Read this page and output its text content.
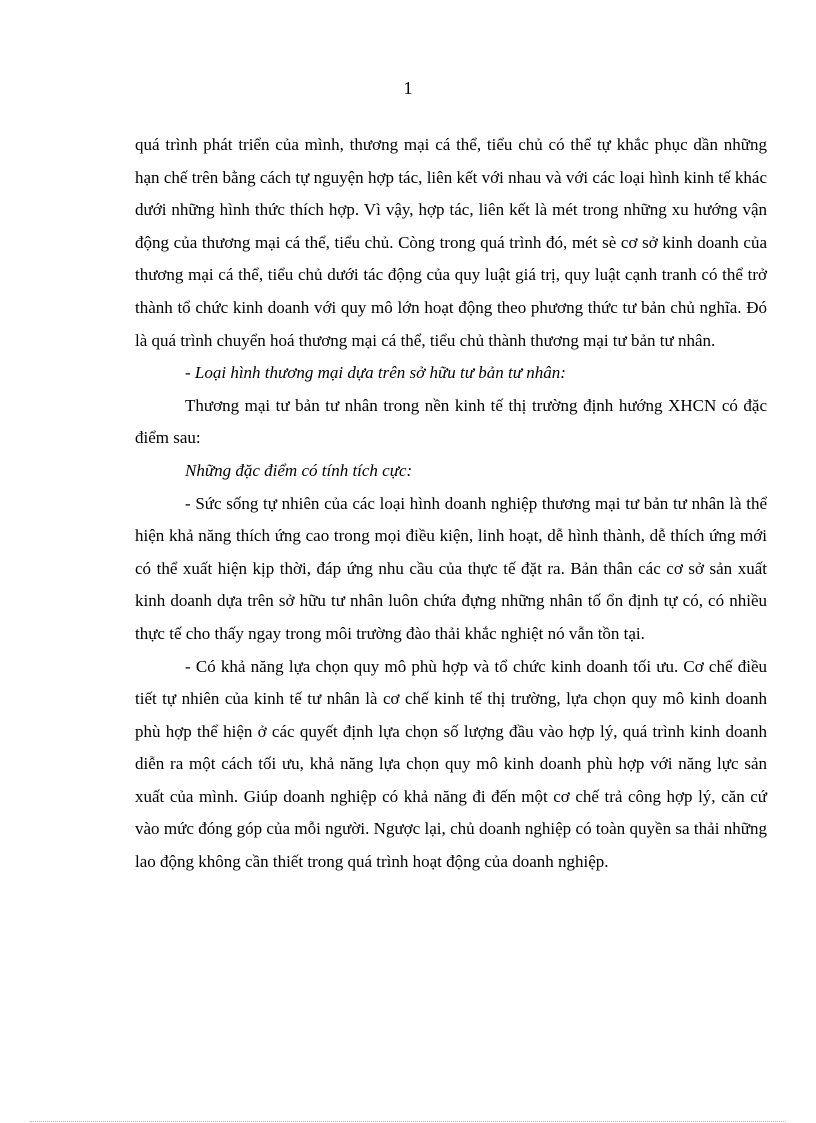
1

quá trình phát triển của mình, thương mại cá thể, tiểu chủ có thể tự khắc phục dần những hạn chế trên bằng cách tự nguyện hợp tác, liên kết với nhau và với các loại hình kinh tế khác dưới những hình thức thích hợp. Vì vậy, hợp tác, liên kết là mét trong những xu hướng vận động của thương mại cá thể, tiểu chủ. Còng trong quá trình đó, mét sè cơ sở kinh doanh của thương mại cá thể, tiểu chủ dưới tác động của quy luật giá trị, quy luật cạnh tranh có thể trở thành tổ chức kinh doanh với quy mô lớn hoạt động theo phương thức tư bản chủ nghĩa. Đó là quá trình chuyển hoá thương mại cá thể, tiểu chủ thành thương mại tư bản tư nhân.

- Loại hình thương mại dựa trên sở hữu tư bản tư nhân:

Thương mại tư bản tư nhân trong nền kinh tế thị trường định hướng XHCN có đặc điểm sau:

Những đặc điểm có tính tích cực:

- Sức sống tự nhiên của các loại hình doanh nghiệp thương mại tư bản tư nhân là thể hiện khả năng thích ứng cao trong mọi điều kiện, linh hoạt, dễ hình thành, dễ thích ứng mới có thể xuất hiện kịp thời, đáp ứng nhu cầu của thực tế đặt ra. Bản thân các cơ sở sản xuất kinh doanh dựa trên sở hữu tư nhân luôn chứa đựng những nhân tố ổn định tự có, có nhiều thực tế cho thấy ngay trong môi trường đào thải khắc nghiệt nó vẫn tồn tại.

- Có khả năng lựa chọn quy mô phù hợp và tổ chức kinh doanh tối ưu. Cơ chế điều tiết tự nhiên của kinh tế tư nhân là cơ chế kinh tế thị trường, lựa chọn quy mô kinh doanh phù hợp thể hiện ở các quyết định lựa chọn số lượng đầu vào hợp lý, quá trình kinh doanh diễn ra một cách tối ưu, khả năng lựa chọn quy mô kinh doanh phù hợp với năng lực sản xuất của mình. Giúp doanh nghiệp có khả năng đi đến một cơ chế trả công hợp lý, căn cứ vào mức đóng góp của mỗi người. Ngược lại, chủ doanh nghiệp có toàn quyền sa thải những lao động không cần thiết trong quá trình hoạt động của doanh nghiệp.
